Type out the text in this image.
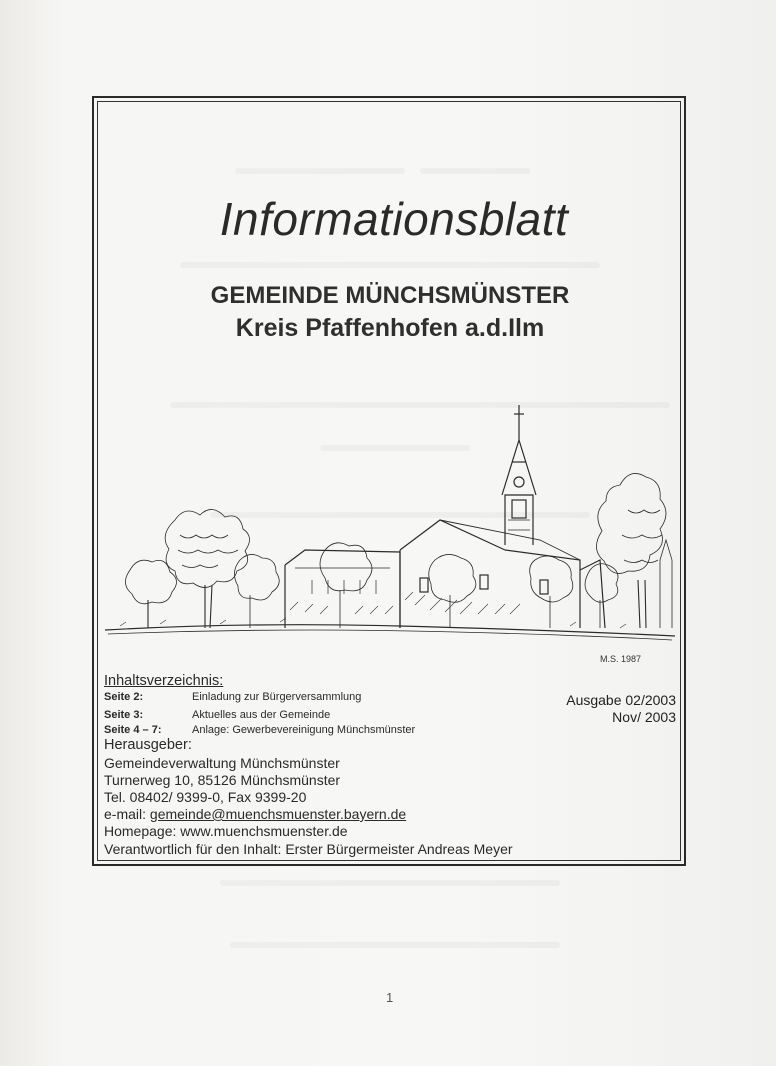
Informationsblatt
GEMEINDE MÜNCHSMÜNSTER
Kreis Pfaffenhofen a.d.Ilm
M.S. 1987
Inhaltsverzeichnis:
Seite 2:	Einladung zur Bürgerversammlung
Seite 3:	Aktuelles aus der Gemeinde
Seite 4 – 7:	Anlage: Gewerbevereinigung Münchsmünster
Ausgabe 02/2003
Nov/ 2003
Herausgeber:
Gemeindeverwaltung Münchsmünster
Turnerweg 10, 85126 Münchsmünster
Tel. 08402/ 9399-0, Fax 9399-20
e-mail: gemeinde@muenchsmuenster.bayern.de
Homepage: www.muenchsmuenster.de
Verantwortlich für den Inhalt: Erster Bürgermeister Andreas Meyer
1
